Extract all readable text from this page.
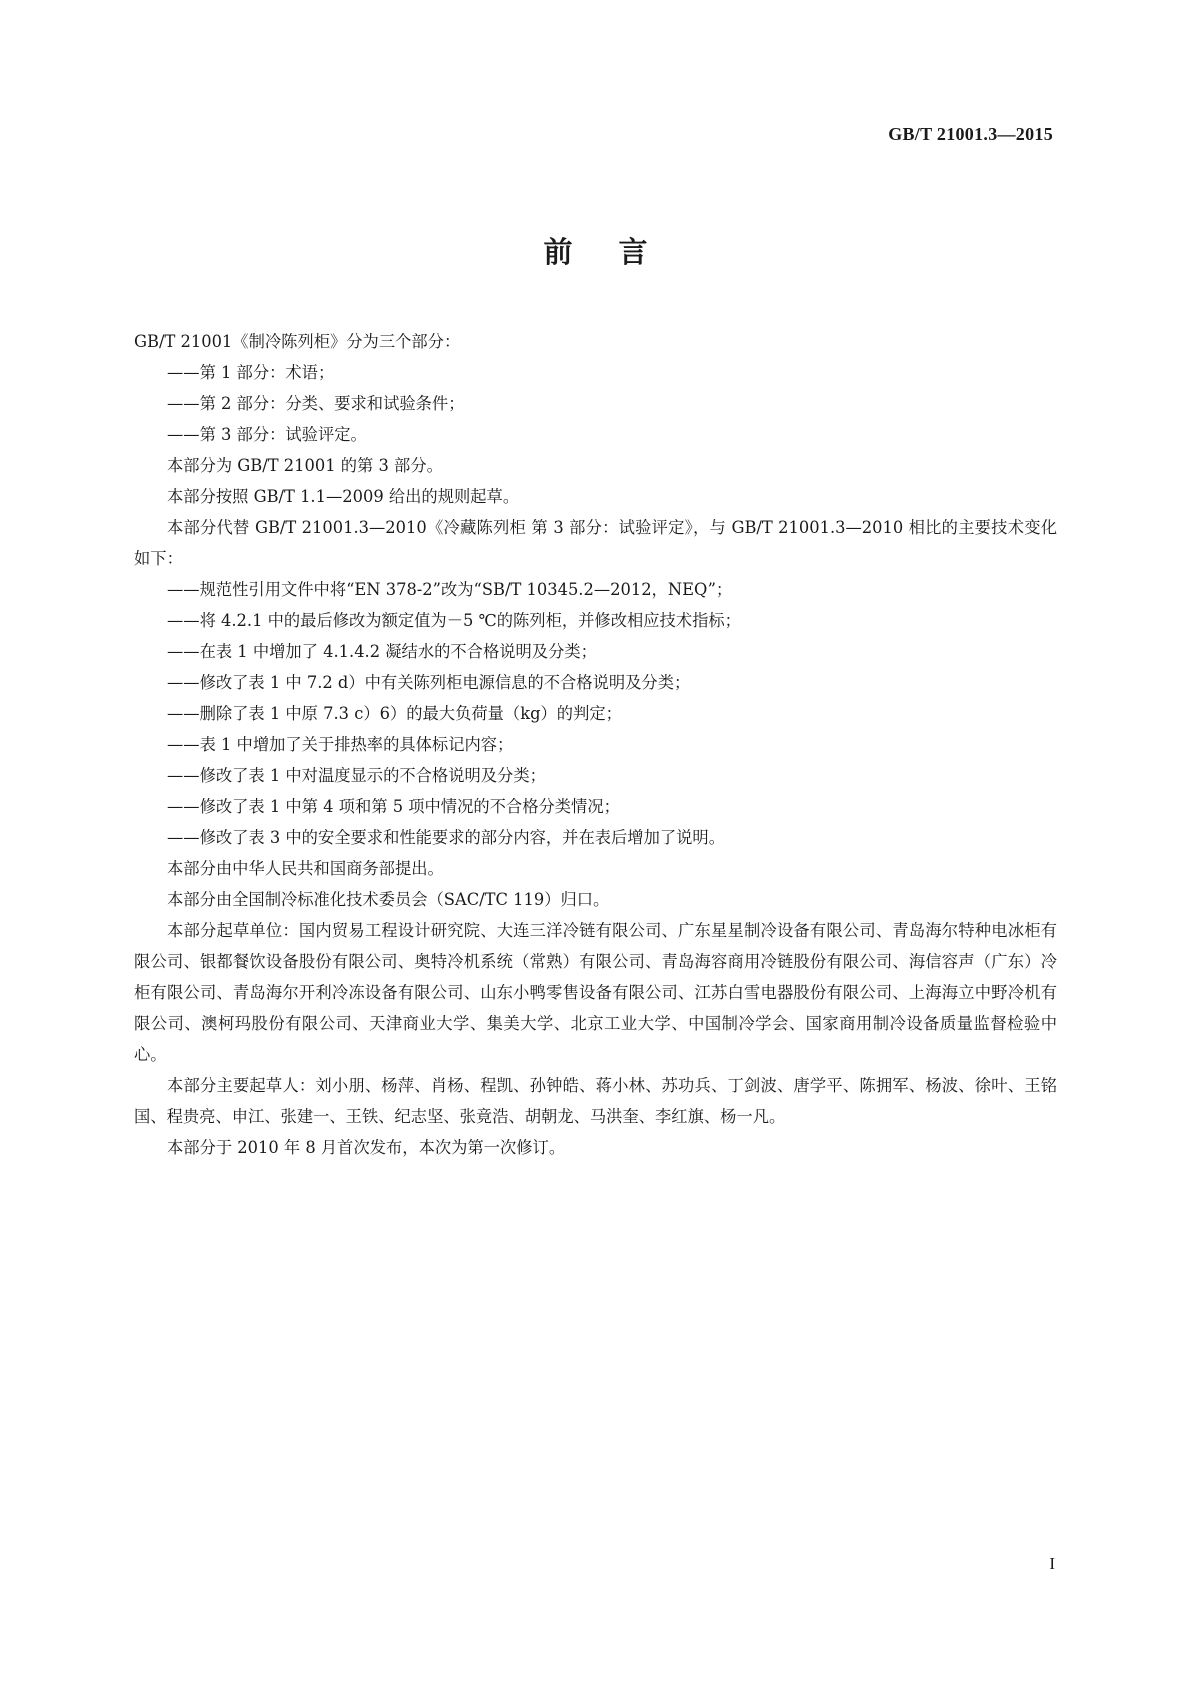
GB/T 21001.3—2015
前言

GB/T 21001《制冷陈列柜》分为三个部分：

——第 1 部分：术语；

——第 2 部分：分类、要求和试验条件；

——第 3 部分：试验评定。

本部分为 GB/T 21001 的第 3 部分。

本部分按照 GB/T 1.1—2009 给出的规则起草。

本部分代替 GB/T 21001.3—2010《冷藏陈列柜 第 3 部分：试验评定》，与 GB/T 21001.3—2010 相比的主要技术变化如下：

——规范性引用文件中将“EN 378-2”改为“SB/T 10345.2—2012，NEQ”；

——将 4.2.1 中的最后修改为额定值为－5 ℃的陈列柜，并修改相应技术指标；

——在表 1 中增加了 4.1.4.2 凝结水的不合格说明及分类；

——修改了表 1 中 7.2 d）中有关陈列柜电源信息的不合格说明及分类；

——删除了表 1 中原 7.3 c）6）的最大负荷量（kg）的判定；

——表 1 中增加了关于排热率的具体标记内容；

——修改了表 1 中对温度显示的不合格说明及分类；

——修改了表 1 中第 4 项和第 5 项中情况的不合格分类情况；

——修改了表 3 中的安全要求和性能要求的部分内容，并在表后增加了说明。

本部分由中华人民共和国商务部提出。

本部分由全国制冷标准化技术委员会（SAC/TC 119）归口。

本部分起草单位：国内贸易工程设计研究院、大连三洋冷链有限公司、广东星星制冷设备有限公司、青岛海尔特种电冰柜有限公司、银都餐饮设备股份有限公司、奥特冷机系统（常熟）有限公司、青岛海容商用冷链股份有限公司、海信容声（广东）冷柜有限公司、青岛海尔开利冷冻设备有限公司、山东小鸭零售设备有限公司、江苏白雪电器股份有限公司、上海海立中野冷机有限公司、澳柯玛股份有限公司、天津商业大学、集美大学、北京工业大学、中国制冷学会、国家商用制冷设备质量监督检验中心。

本部分主要起草人：刘小朋、杨萍、肖杨、程凯、孙钟皓、蒋小林、苏功兵、丁剑波、唐学平、陈拥军、杨波、徐叶、王铭国、程贵亮、申江、张建一、王铁、纪志坚、张竟浩、胡朝龙、马洪奎、李红旗、杨一凡。

本部分于 2010 年 8 月首次发布，本次为第一次修订。

I
